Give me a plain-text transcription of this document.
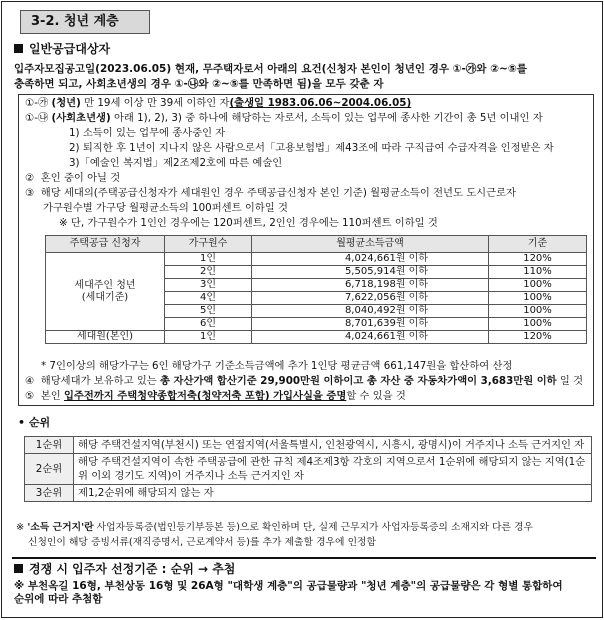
3-2. 청년 계층
일반공급대상자
입주자모집공고일(2023.06.05) 현재, 무주택자로서 아래의 요건(신청자 본인이 청년인 경우 ①-㉮와 ②~⑤를
충족하면 되고, 사회초년생의 경우 ①-㉯와 ②~⑤를 만족하면 됨)을 모두 갖춘 자
①-㉮ (청년) 만 19세 이상 만 39세 이하인 자(출생일 1983.06.06~2004.06.05)
①-㉯ (사회초년생) 아래 1), 2), 3) 중 하나에 해당하는 자로서, 소득이 있는 업무에 종사한 기간이 총 5년 이내인 자
1) 소득이 있는 업무에 종사중인 자
2) 퇴직한 후 1년이 지나지 않은 사람으로서「고용보험법」제43조에 따라 구직급여 수급자격을 인정받은 자
3)「예술인 복지법」제2조제2호에 따른 예술인
② 혼인 중이 아닐 것
③ 해당 세대의(주택공급신청자가 세대원인 경우 주택공급신청자 본인 기준) 월평균소득이 전년도 도시근로자
가구원수별 가구당 월평균소득의 100퍼센트 이하일 것
※ 단, 가구원수가 1인인 경우에는 120퍼센트, 2인인 경우에는 110퍼센트 이하일 것
주택공급 신청자	가구원수	월평균소득금액	기준

세대주인 청년
(세대기준)	1인	4,024,661원 이하	120%
	2인	5,505,914원 이하	110%
	3인	6,718,198원 이하	100%
	4인	7,622,056원 이하	100%
	5인	8,040,492원 이하	100%
	6인	8,701,639원 이하	100%
세대원(본인)	1인	4,024,661원 이하	120%
* 7인이상의 해당가구는 6인 해당가구 기준소득금액에 추가 1인당 평균금액 661,147원을 합산하여 산정
④ 해당세대가 보유하고 있는 총 자산가액 합산기준 29,900만원 이하이고 총 자산 중 자동차가액이 3,683만원 이하 일 것
⑤ 본인 입주전까지 주택청약종합저축(청약저축 포함) 가입사실을 증명할 수 있을 것
• 순위
1순위	해당 주택건설지역(부천시) 또는 연접지역(서울특별시, 인천광역시, 시흥시, 광명시)이 거주지나 소득 근거지인 자
2순위	해당 주택건설지역이 속한 주택공급에 관한 규칙 제4조제3항 각호의 지역으로서 1순위에 해당되지 않는 지역(1순위 이외 경기도 지역)이 거주지나 소득 근거지인 자
3순위	제1,2순위에 해당되지 않는 자
※ '소득 근거지'란 사업자등록증(법인등기부등본 등)으로 확인하며 단, 실제 근무지가 사업자등록증의 소재지와 다른 경우
신청인이 해당 증빙서류(재직증명서, 근로계약서 등)를 추가 제출할 경우에 인정함
경쟁 시 입주자 선정기준 : 순위 → 추첨
※ 부천옥길 16형, 부천상동 16형 및 26A형 "대학생 계층"의 공급물량과 "청년 계층"의 공급물량은 각 형별 통합하여
순위에 따라 추첨함
